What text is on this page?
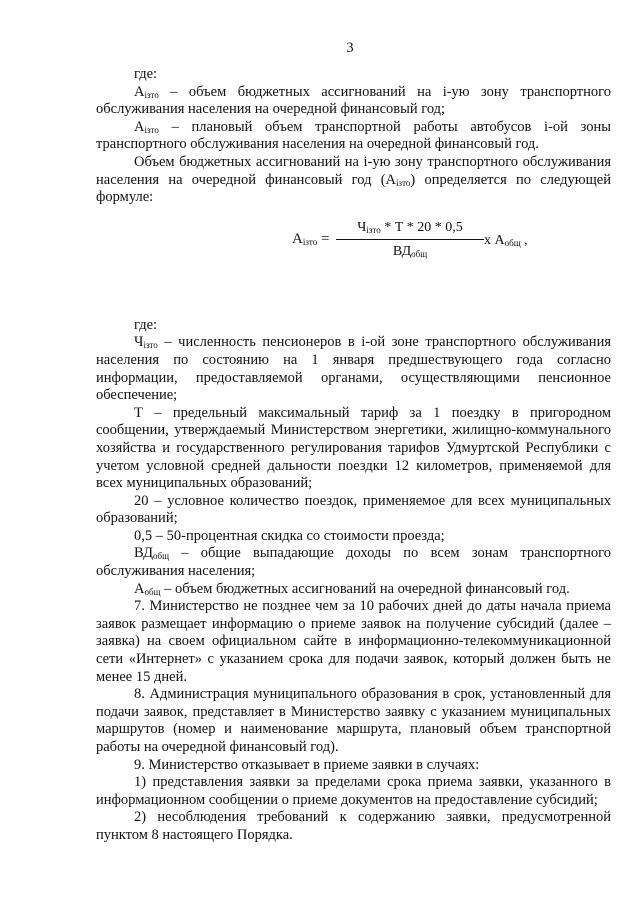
3

где:

$А_{iзто}$ – объем бюджетных ассигнований на i-ую зону транспортного обслуживания населения на очередной финансовый год;

$А_{iзто}$ – плановый объем транспортной работы автобусов i-ой зоны транспортного обслуживания населения на очередной финансовый год.

Объем бюджетных ассигнований на i-ую зону транспортного обслуживания населения на очередной финансовый год $(А_{iзто})$ определяется по следующей формуле:

$А_{iзто}$ =
$Ч_{iзто}$ * Т * 20 * 0,5
$ВД_{общ}$
х $А_{общ}$ ,

где:

$Ч_{iзто}$ – численность пенсионеров в i-ой зоне транспортного обслуживания населения по состоянию на 1 января предшествующего года согласно информации, предоставляемой органами, осуществляющими пенсионное обеспечение;

Т – предельный максимальный тариф за 1 поездку в пригородном сообщении, утверждаемый Министерством энергетики, жилищно-коммунального хозяйства и государственного регулирования тарифов Удмуртской Республики с учетом условной средней дальности поездки 12 километров, применяемой для всех муниципальных образований;

20 – условное количество поездок, применяемое для всех муниципальных образований;

0,5 – 50-процентная скидка со стоимости проезда;

$ВД_{общ}$ – общие выпадающие доходы по всем зонам транспортного обслуживания населения;

$А_{общ}$ – объем бюджетных ассигнований на очередной финансовый год.

7. Министерство не позднее чем за 10 рабочих дней до даты начала приема заявок размещает информацию о приеме заявок на получение субсидий (далее – заявка) на своем официальном сайте в информационно-телекоммуникационной сети «Интернет» с указанием срока для подачи заявок, который должен быть не менее 15 дней.

8. Администрация муниципального образования в срок, установленный для подачи заявок, представляет в Министерство заявку с указанием муниципальных маршрутов (номер и наименование маршрута, плановый объем транспортной работы на очередной финансовый год).

9. Министерство отказывает в приеме заявки в случаях:

1) представления заявки за пределами срока приема заявки, указанного в информационном сообщении о приеме документов на предоставление субсидий;

2) несоблюдения требований к содержанию заявки, предусмотренной пунктом 8 настоящего Порядка.
